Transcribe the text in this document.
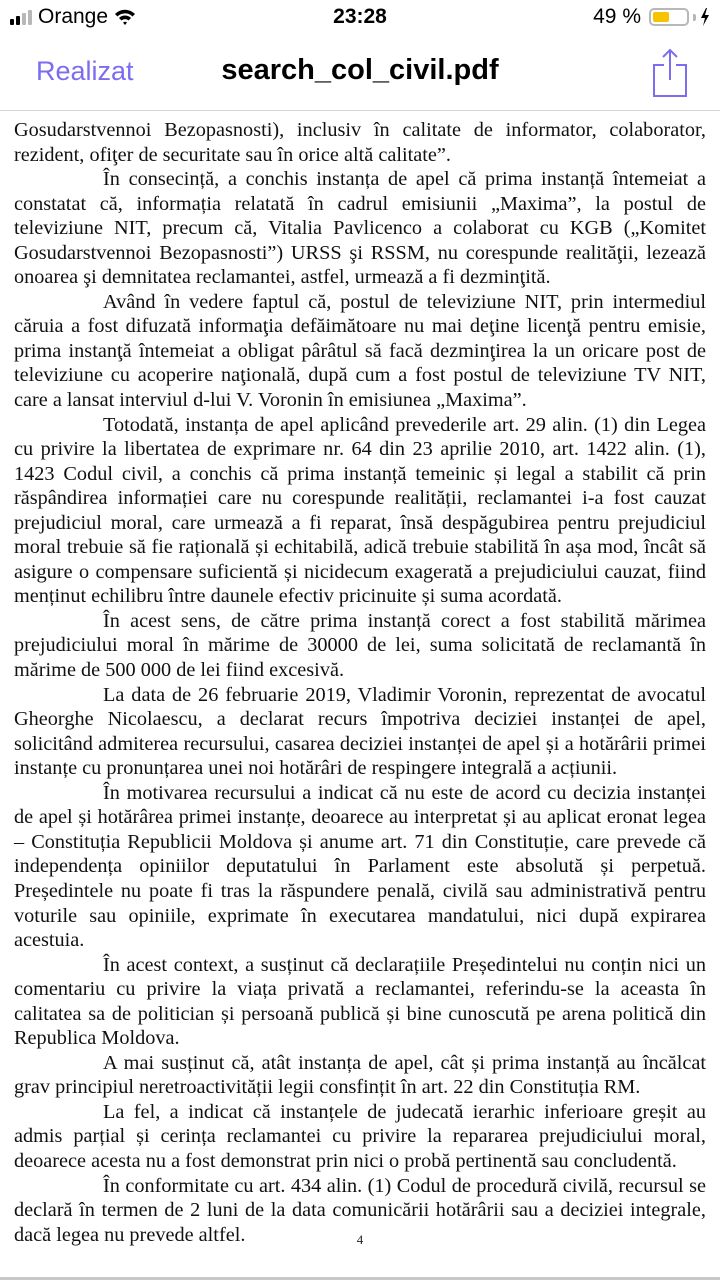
Orange	23:28	49 %
Realizat	search_col_civil.pdf

Gosudarstvennoi Bezopasnosti), inclusiv în calitate de informator, colaborator, rezident, ofiţer de securitate sau în orice altă calitate”.

În consecință, a conchis instanța de apel că prima instanță întemeiat a constatat că, informația relatată în cadrul emisiunii „Maxima”, la postul de televiziune NIT, precum că, Vitalia Pavlicenco a colaborat cu KGB („Komitet Gosudarstvennoi Bezopasnosti”) URSS şi RSSM, nu corespunde realităţii, lezează onoarea şi demnitatea reclamantei, astfel, urmează a fi dezminţită.

Având în vedere faptul că, postul de televiziune NIT, prin intermediul căruia a fost difuzată informaţia defăimătoare nu mai deţine licenţă pentru emisie, prima instanţă întemeiat a obligat pârâtul să facă dezminţirea la un oricare post de televiziune cu acoperire naţională, după cum a fost postul de televiziune TV NIT, care a lansat interviul d-lui V. Voronin în emisiunea „Maxima”.

Totodată, instanța de apel aplicând prevederile art. 29 alin. (1) din Legea cu privire la libertatea de exprimare nr. 64 din 23 aprilie 2010, art. 1422 alin. (1), 1423 Codul civil, a conchis că prima instanță temeinic și legal a stabilit că prin răspândirea informației care nu corespunde realității, reclamantei i-a fost cauzat prejudiciul moral, care urmează a fi reparat, însă despăgubirea pentru prejudiciul moral trebuie să fie rațională și echitabilă, adică trebuie stabilită în așa mod, încât să asigure o compensare suficientă și nicidecum exagerată a prejudiciului cauzat, fiind menținut echilibru între daunele efectiv pricinuite și suma acordată.

În acest sens, de către prima instanță corect a fost stabilită mărimea prejudiciului moral în mărime de 30000 de lei, suma solicitată de reclamantă în mărime de 500 000 de lei fiind excesivă.

La data de 26 februarie 2019, Vladimir Voronin, reprezentat de avocatul Gheorghe Nicolaescu, a declarat recurs împotriva deciziei instanței de apel, solicitând admiterea recursului, casarea deciziei instanței de apel și a hotărârii primei instanțe cu pronunțarea unei noi hotărâri de respingere integrală a acțiunii.

În motivarea recursului a indicat că nu este de acord cu decizia instanței de apel și hotărârea primei instanțe, deoarece au interpretat și au aplicat eronat legea – Constituția Republicii Moldova și anume art. 71 din Constituție, care prevede că independența opiniilor deputatului în Parlament este absolută și perpetuă. Președintele nu poate fi tras la răspundere penală, civilă sau administrativă pentru voturile sau opiniile, exprimate în executarea mandatului, nici după expirarea acestuia.

În acest context, a susținut că declarațiile Președintelui nu conțin nici un comentariu cu privire la viața privată a reclamantei, referindu-se la aceasta în calitatea sa de politician și persoană publică și bine cunoscută pe arena politică din Republica Moldova.

A mai susținut că, atât instanța de apel, cât și prima instanță au încălcat grav principiul neretroactivității legii consfințit în art. 22 din Constituția RM.

La fel, a indicat că instanțele de judecată ierarhic inferioare greșit au admis parțial și cerința reclamantei cu privire la repararea prejudiciului moral, deoarece acesta nu a fost demonstrat prin nici o probă pertinentă sau concludentă.

În conformitate cu art. 434 alin. (1) Codul de procedură civilă, recursul se declară în termen de 2 luni de la data comunicării hotărârii sau a deciziei integrale, dacă legea nu prevede altfel.	4
